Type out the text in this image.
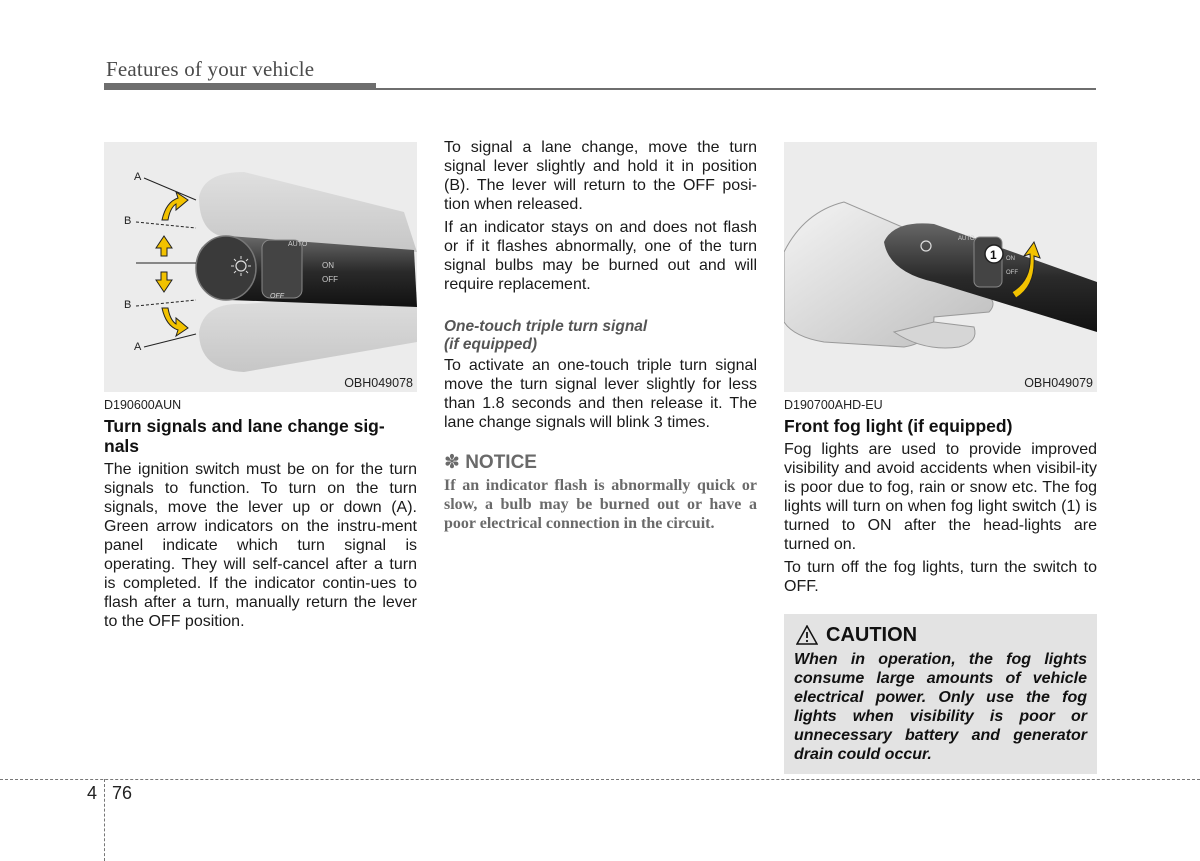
Features of your vehicle
AUTO
ON
OFF
OFF
A
B
B
A
OBH049078
D190600AUN
Turn signals and lane change sig-nals

The ignition switch must be on for the turn signals to function. To turn on the turn signals, move the lever up or down (A). Green arrow indicators on the instru-ment panel indicate which turn signal is operating. They will self-cancel after a turn is completed. If the indicator contin-ues to flash after a turn, manually return the lever to the OFF position.

To signal a lane change, move the turn signal lever slightly and hold it in position (B). The lever will return to the OFF posi-tion when released.

If an indicator stays on and does not flash or if it flashes abnormally, one of the turn signal bulbs may be burned out and will require replacement.

One-touch triple turn signal
(if equipped)

To activate an one-touch triple turn signal move the turn signal lever slightly for less than 1.8 seconds and then release it. The lane change signals will blink 3 times.

✽ NOTICE
If an indicator flash is abnormally quick or slow, a bulb may be burned out or have a poor electrical connection in the circuit.
AUTO
1 ON
OFF
OBH049079
D190700AHD-EU
Front fog light (if equipped)

Fog lights are used to provide improved visibility and avoid accidents when visibil-ity is poor due to fog, rain or snow etc. The fog lights will turn on when fog light switch (1) is turned to ON after the head-lights are turned on.

To turn off the fog lights, turn the switch to OFF.

CAUTION
When in operation, the fog lights consume large amounts of vehicle electrical power. Only use the fog lights when visibility is poor or unnecessary battery and generator drain could occur.
4 76
